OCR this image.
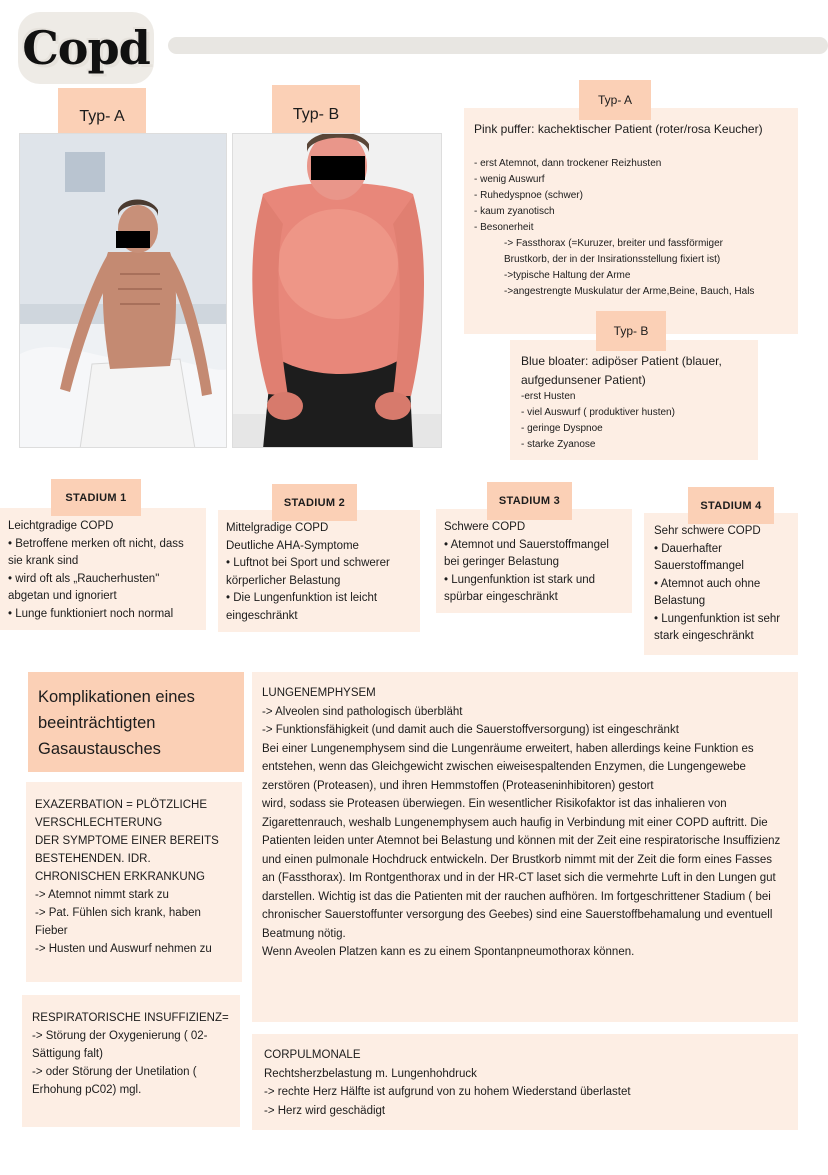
Copd
Typ- A	Typ- B
Pink puffer: kachektischer Patient (roter/rosa Keucher)
- erst Atemnot, dann trockener Reizhusten
- wenig Auswurf
- Ruhedyspnoe (schwer)
- kaum zyanotisch
- Besonerheit
-> Fassthorax (=Kuruzer, breiter und fassförmiger Brustkorb, der in der Insirationsstellung fixiert ist)
->typische Haltung der Arme
->angestrengte Muskulatur der Arme,Beine, Bauch, Hals
Typ- A
Blue bloater: adipöser Patient (blauer, aufgedunsener Patient)
-erst Husten
- viel Auswurf ( produktiver husten)
- geringe Dyspnoe
- starke Zyanose
Typ- B
Leichtgradige COPD
• Betroffene merken oft nicht, dass sie krank sind
• wird oft als „Raucherhusten" abgetan und ignoriert
• Lunge funktioniert noch normal
STADIUM 1
Mittelgradige COPD
Deutliche AHA-Symptome
• Luftnot bei Sport und schwerer körperlicher Belastung
• Die Lungenfunktion ist leicht eingeschränkt
STADIUM 2
Schwere COPD
• Atemnot und Sauerstoffmangel bei geringer Belastung
• Lungenfunktion ist stark und spürbar eingeschränkt
STADIUM 3
Sehr schwere COPD
• Dauerhafter Sauerstoffmangel
• Atemnot auch ohne Belastung
• Lungenfunktion ist sehr stark eingeschränkt
STADIUM 4
Komplikationen eines beeinträchtigten Gasaustausches
EXAZERBATION = PLÖTZLICHE VERSCHLECHTERUNG
DER SYMPTOME EINER BEREITS BESTEHENDEN. IDR. CHRONISCHEN ERKRANKUNG
-> Atemnot nimmt stark zu
-> Pat. Fühlen sich krank, haben Fieber
-> Husten und Auswurf nehmen zu
RESPIRATORISCHE INSUFFIZIENZ=
-> Störung der Oxygenierung ( 02- Sättigung falt)
-> oder Störung der Unetilation ( Erhohung pC02) mgl.
LUNGENEMPHYSEM
-> Alveolen sind pathologisch überbläht
-> Funktionsfähigkeit (und damit auch die Sauerstoffversorgung) ist eingeschränkt
Bei einer Lungenemphysem sind die Lungenräume erweitert, haben allerdings keine Funktion es entstehen, wenn das Gleichgewicht zwischen eiweisespaltenden Enzymen, die Lungengewebe zerstören (Proteasen), und ihren Hemmstoffen (Proteaseninhibitoren) gestort
wird, sodass sie Proteasen überwiegen. Ein wesentlicher Risikofaktor ist das inhalieren von
Zigarettenrauch, weshalb Lungenemphysem auch haufig in Verbindung mit einer COPD auftritt. Die Patienten leiden unter Atemnot bei Belastung und können mit der Zeit eine respiratorische Insuffizienz und einen pulmonale Hochdruck entwickeln. Der Brustkorb nimmt mit der Zeit die form eines Fasses an (Fassthorax). Im Rontgenthorax und in der HR-CT laset sich die vermehrte Luft in den Lungen gut darstellen. Wichtig ist das die Patienten mit der rauchen aufhören. Im fortgeschrittener Stadium ( bei chronischer Sauerstoffunter versorgung des Geebes) sind eine Sauerstoffbehamalung und eventuell Beatmung nötig.
Wenn Aveolen Platzen kann es zu einem Spontanpneumothorax können.
CORPULMONALE
Rechtsherzbelastung m. Lungenhohdruck
-> rechte Herz Hälfte ist aufgrund von zu hohem Wiederstand überlastet
-> Herz wird geschädigt
